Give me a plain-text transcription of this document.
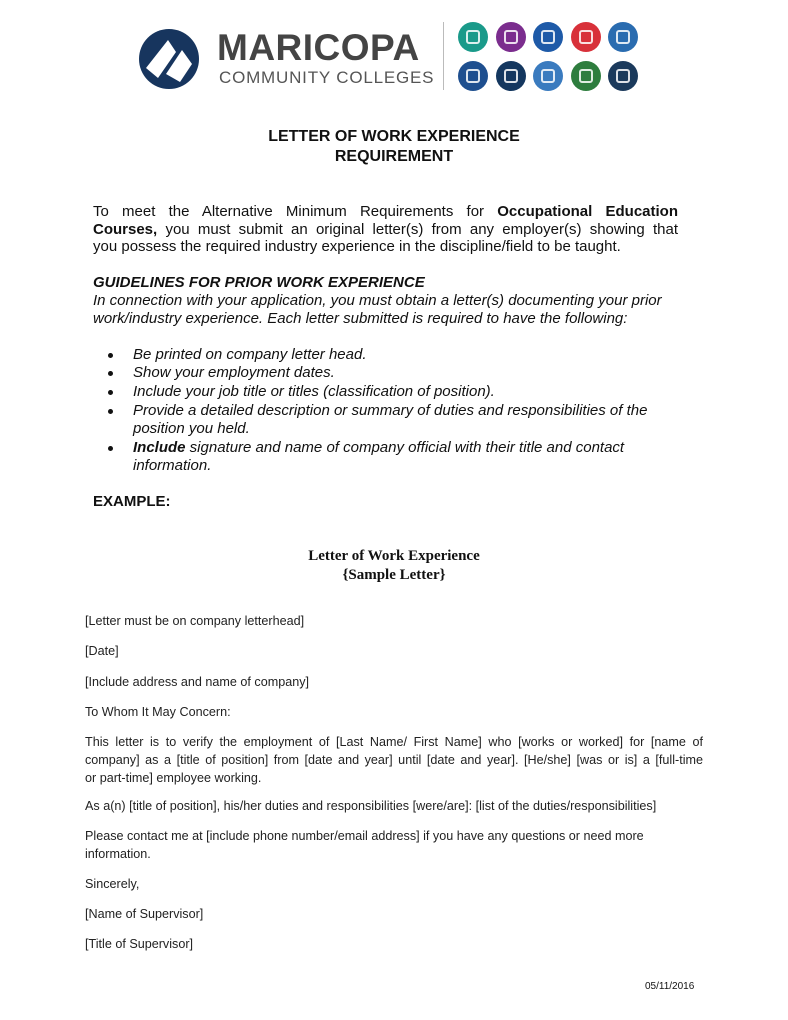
MARICOPA
COMMUNITY COLLEGES
LETTER OF WORK EXPERIENCE
REQUIREMENT
To meet the Alternative Minimum Requirements for Occupational Education
Courses, you must submit an original letter(s) from any employer(s) showing that
you possess the required industry experience in the discipline/field to be taught.
GUIDELINES FOR PRIOR WORK EXPERIENCE
In connection with your application, you must obtain a letter(s) documenting your prior
work/industry experience. Each letter submitted is required to have the following:
Be printed on company letter head.
Show your employment dates.
Include your job title or titles (classification of position).
Provide a detailed description or summary of duties and responsibilities of the
position you held.
Include signature and name of company official with their title and contact
information.
EXAMPLE:
Letter of Work Experience
{Sample Letter}
[Letter must be on company letterhead]
[Date]
[Include address and name of company]
To Whom It May Concern:
This letter is to verify the employment of [Last Name/ First Name] who [works or worked] for [name of
company] as a [title of position] from [date and year] until [date and year]. [He/she] [was or is] a [full-time
or part-time] employee working.
As a(n) [title of position], his/her duties and responsibilities [were/are]: [list of the duties/responsibilities]
Please contact me at [include phone number/email address] if you have any questions or need more
information.
Sincerely,
[Name of Supervisor]
[Title of Supervisor]
05/11/2016
